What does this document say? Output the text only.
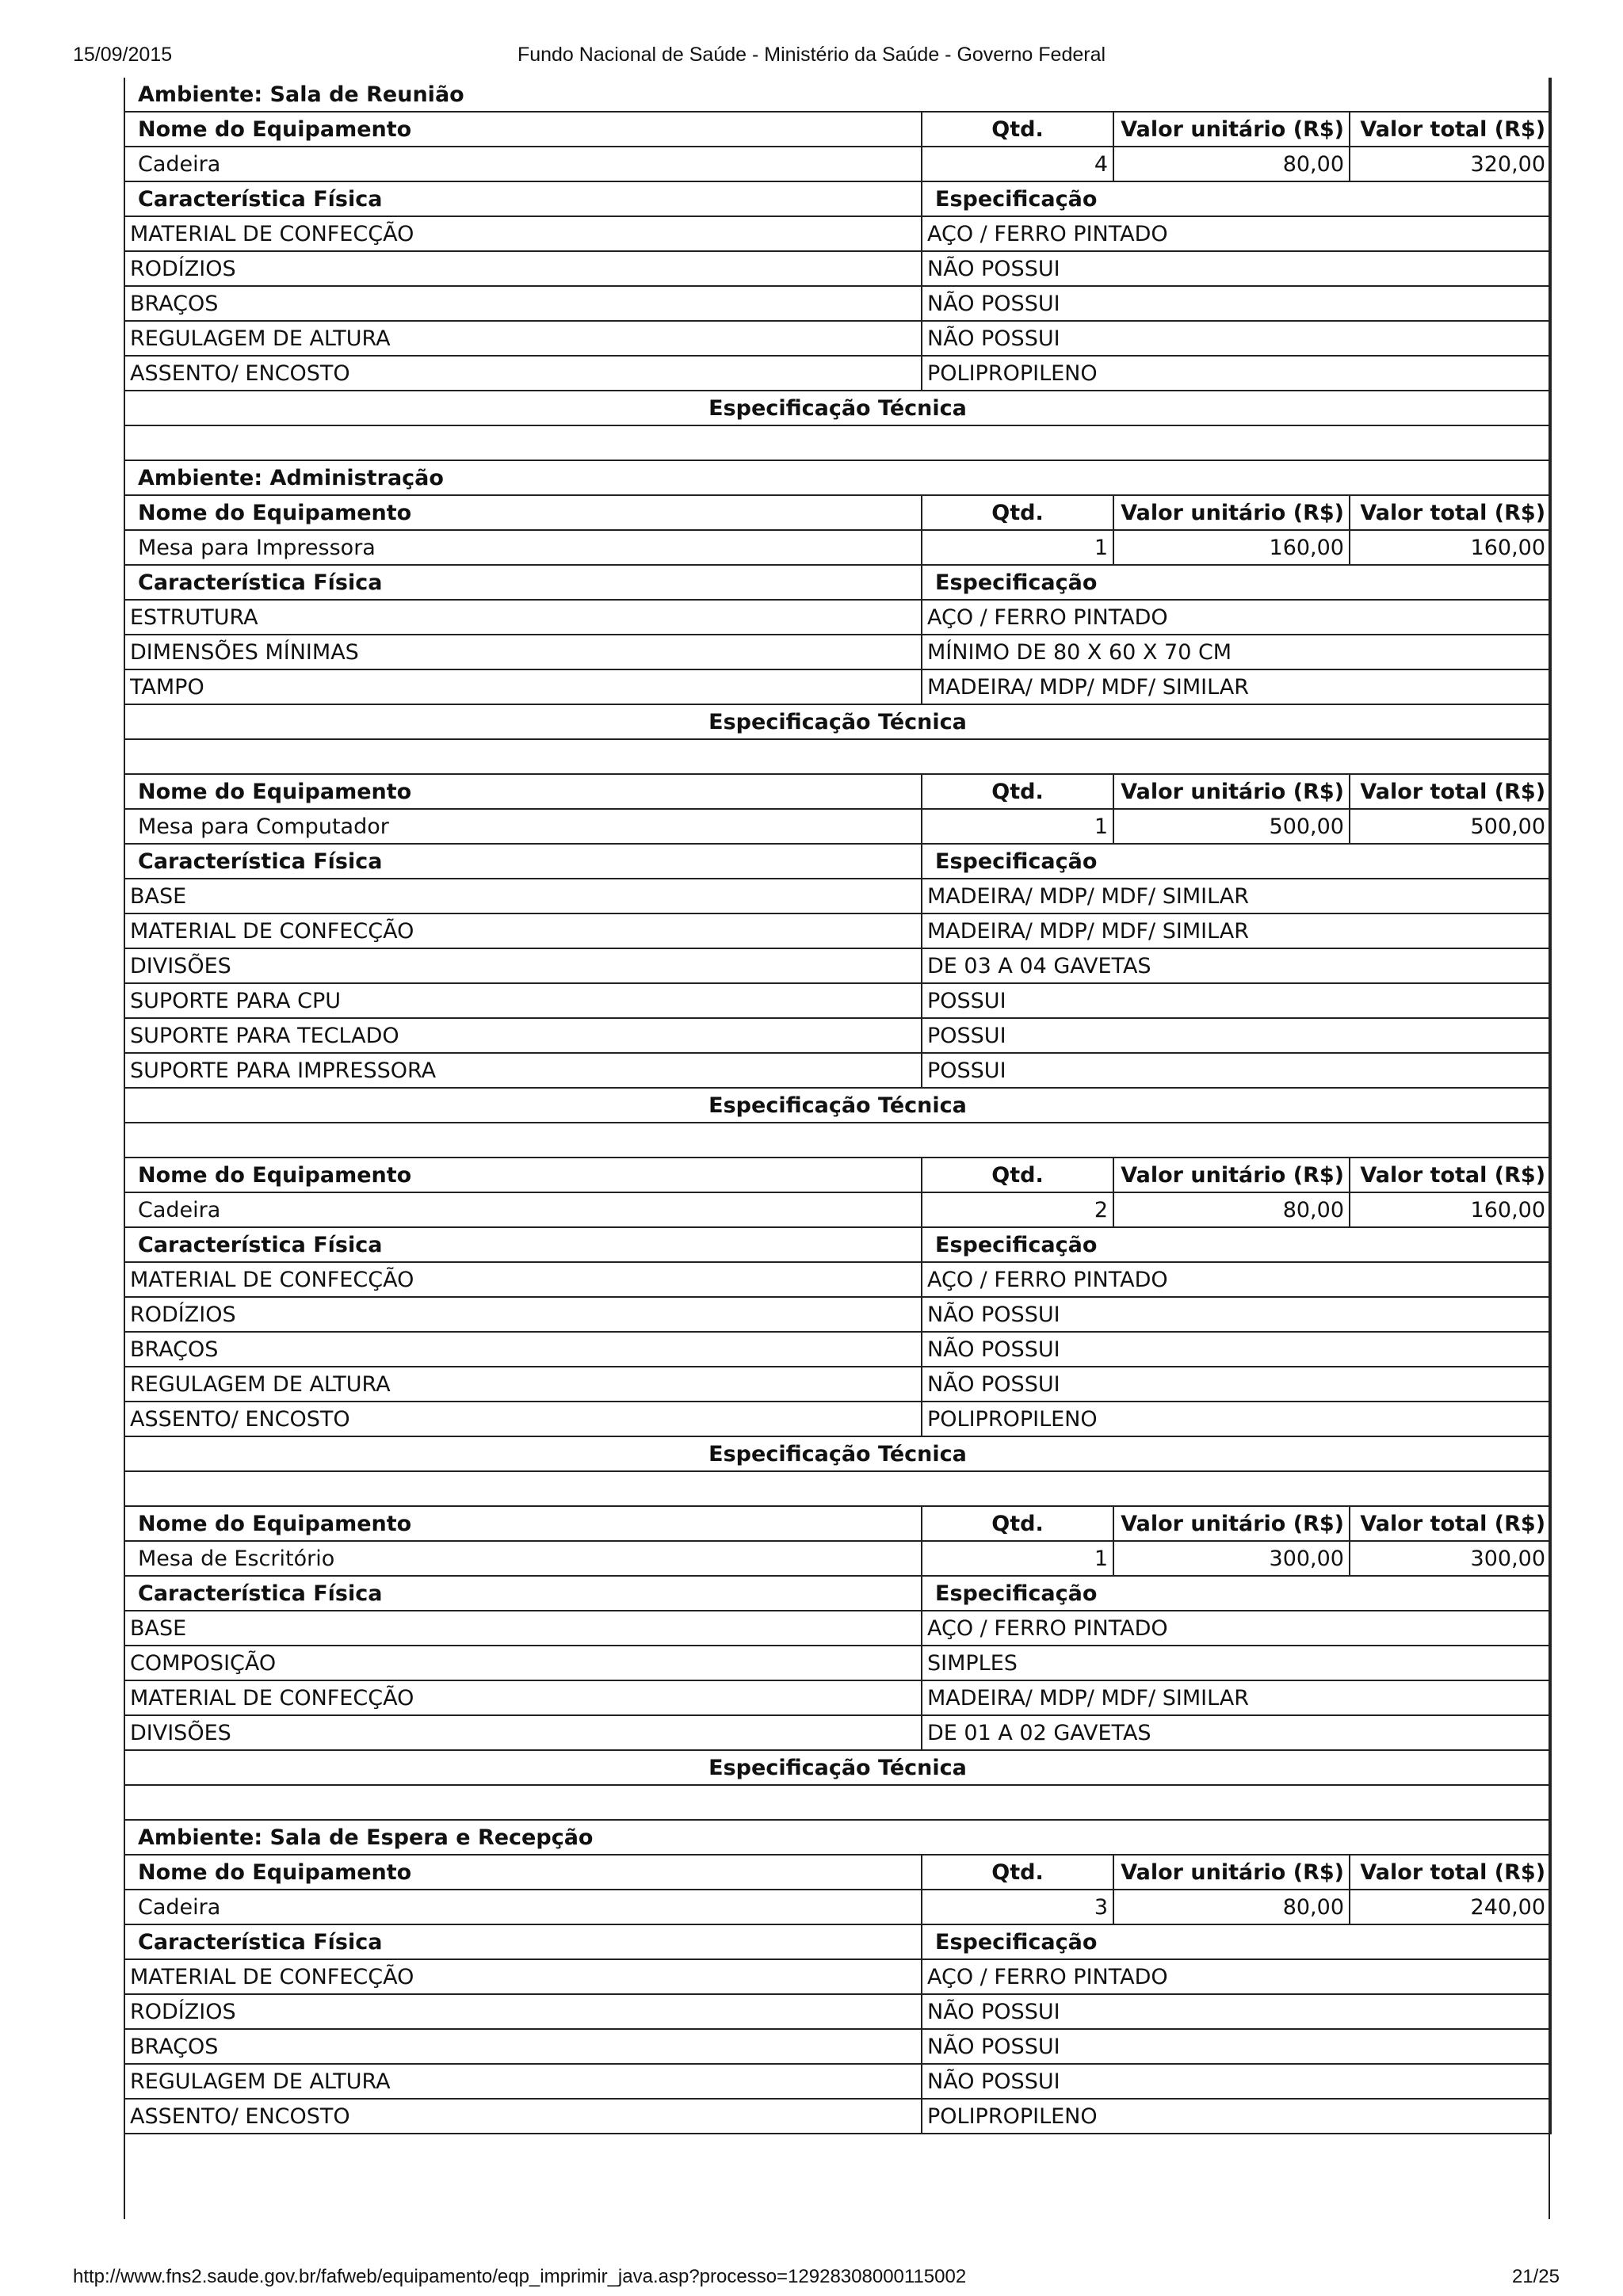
15/09/2015	Fundo Nacional de Saúde - Ministério da Saúde - Governo Federal
Ambiente: Sala de Reunião			
Nome do Equipamento	Qtd.	Valor unitário (R$)	Valor total (R$)
Cadeira	4	80,00	320,00
Característica Física	Especificação		
MATERIAL DE CONFECÇÃO	AÇO / FERRO PINTADO		
RODÍZIOS	NÃO POSSUI		
BRAÇOS	NÃO POSSUI		
REGULAGEM DE ALTURA	NÃO POSSUI		
ASSENTO/ ENCOSTO	POLIPROPILENO		
Especificação Técnica			

Ambiente: Administração			
Nome do Equipamento	Qtd.	Valor unitário (R$)	Valor total (R$)
Mesa para Impressora	1	160,00	160,00
Característica Física	Especificação		
ESTRUTURA	AÇO / FERRO PINTADO		
DIMENSÕES MÍNIMAS	MÍNIMO DE 80 X 60 X 70 CM		
TAMPO	MADEIRA/ MDP/ MDF/ SIMILAR		
Especificação Técnica			

Nome do Equipamento	Qtd.	Valor unitário (R$)	Valor total (R$)
Mesa para Computador	1	500,00	500,00
Característica Física	Especificação		
BASE	MADEIRA/ MDP/ MDF/ SIMILAR		
MATERIAL DE CONFECÇÃO	MADEIRA/ MDP/ MDF/ SIMILAR		
DIVISÕES	DE 03 A 04 GAVETAS		
SUPORTE PARA CPU	POSSUI		
SUPORTE PARA TECLADO	POSSUI		
SUPORTE PARA IMPRESSORA	POSSUI		
Especificação Técnica			

Nome do Equipamento	Qtd.	Valor unitário (R$)	Valor total (R$)
Cadeira	2	80,00	160,00
Característica Física	Especificação		
MATERIAL DE CONFECÇÃO	AÇO / FERRO PINTADO		
RODÍZIOS	NÃO POSSUI		
BRAÇOS	NÃO POSSUI		
REGULAGEM DE ALTURA	NÃO POSSUI		
ASSENTO/ ENCOSTO	POLIPROPILENO		
Especificação Técnica			

Nome do Equipamento	Qtd.	Valor unitário (R$)	Valor total (R$)
Mesa de Escritório	1	300,00	300,00
Característica Física	Especificação		
BASE	AÇO / FERRO PINTADO		
COMPOSIÇÃO	SIMPLES		
MATERIAL DE CONFECÇÃO	MADEIRA/ MDP/ MDF/ SIMILAR		
DIVISÕES	DE 01 A 02 GAVETAS		
Especificação Técnica			

Ambiente: Sala de Espera e Recepção			
Nome do Equipamento	Qtd.	Valor unitário (R$)	Valor total (R$)
Cadeira	3	80,00	240,00
Característica Física	Especificação		
MATERIAL DE CONFECÇÃO	AÇO / FERRO PINTADO		
RODÍZIOS	NÃO POSSUI		
BRAÇOS	NÃO POSSUI		
REGULAGEM DE ALTURA	NÃO POSSUI		
ASSENTO/ ENCOSTO	POLIPROPILENO		
http://www.fns2.saude.gov.br/fafweb/equipamento/eqp_imprimir_java.asp?processo=12928308000115002	21/25
